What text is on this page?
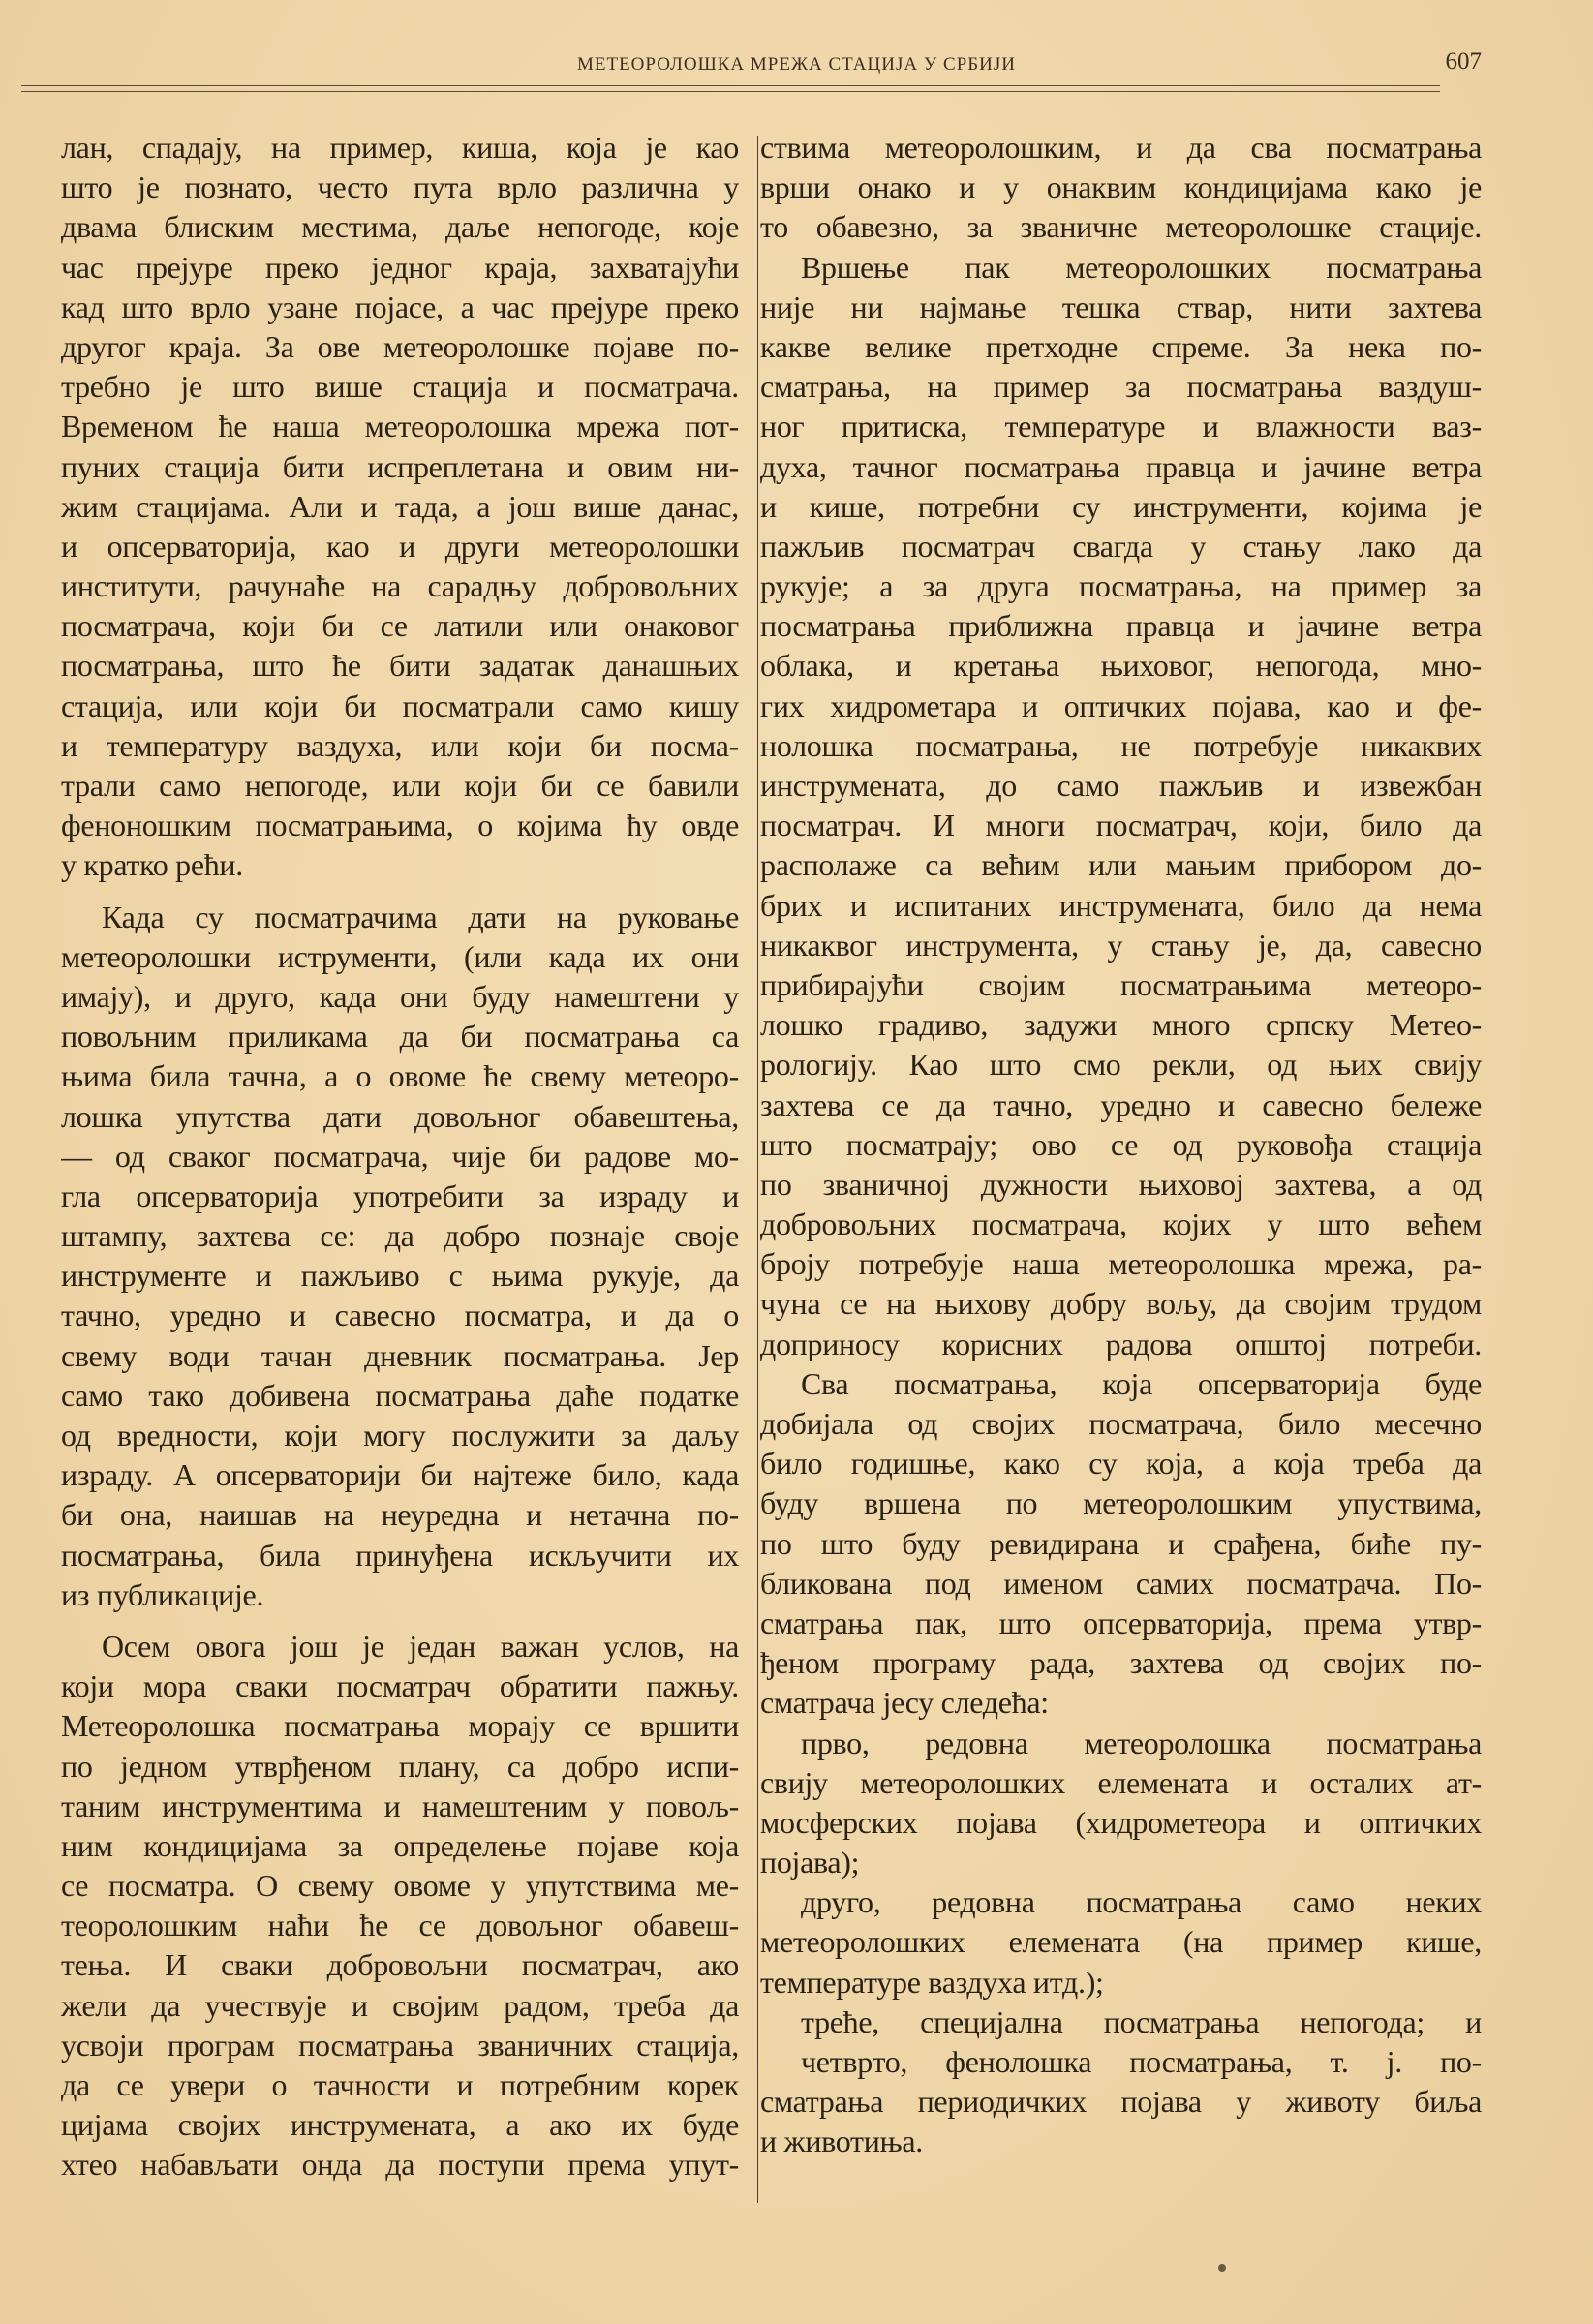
МЕТЕОРОЛОШКА МРЕЖА СТАЦИЈА У СРБИЈИ	607
лан, спадају, на пример, киша, која је као
што је познато, често пута врло различна у
двама блиским местима, даље непогоде, које
час прејуре преко једног краја, захватајући
кад што врло узане појасе, а час прејуре преко
другог краја. За ове метеоролошке појаве по-
требно је што више стација и посматрача.
Временом ће наша метеоролошка мрежа пот-
пуних стација бити испреплетана и овим ни-
жим стацијама. Али и тада, а још више данас,
и опсерваторија, као и други метеоролошки
институти, рачунаће на сарадњу добровољних
посматрача, који би се латили или онаковог
посматрања, што ће бити задатак данашњих
стација, или који би посматрали само кишу
и температуру ваздуха, или који би посма-
трали само непогоде, или који би се бавили
феноношким посматрањима, о којима ћу овде
у кратко рећи.
Када су посматрачима дати на руковање
метеоролошки иструменти, (или када их они
имају), и друго, када они буду намештени у
повољним приликама да би посматрања са
њима била тачна, а о овоме ће свему метеоро-
лошка упутства дати довољног обавештења,
— од сваког посматрача, чије би радове мо-
гла опсерваторија употребити за израду и
штампу, захтева се: да добро познаје своје
инструменте и пажљиво с њима рукује, да
тачно, уредно и савесно посматра, и да о
свему води тачан дневник посматрања. Јер
само тако добивена посматрања даће податке
од вредности, који могу послужити за даљу
израду. А опсерваторији би најтеже било, када
би она, наишав на неуредна и нетачна по-
посматрања, била принуђена искључити их
из публикације.
Осем овога још је један важан услов, на
који мора сваки посматрач обратити пажњу.
Метеоролошка посматрања морају се вршити
по једном утврђеном плану, са добро испи-
таним инструментима и намештеним у повољ-
ним кондицијама за определење појаве која
се посматра. О свему овоме у упутствима ме-
теоролошким наћи ће се довољног обавеш-
тења. И сваки добровољни посматрач, ако
жели да учествује и својим радом, треба да
усвоји програм посматрања званичних стација,
да се увери о тачности и потребним корек
цијама својих инструмената, а ако их буде
хтео набављати онда да поступи према упут-
ствима метеоролошким, и да сва посматрања
врши онако и у онаквим кондицијама како је
то обавезно, за званичне метеоролошке стације.
Вршење пак метеоролошких посматрања
није ни најмање тешка ствар, нити захтева
какве велике претходне спреме. За нека по-
сматрања, на пример за посматрања ваздуш-
ног притиска, температуре и влажности ваз-
духа, тачног посматрања правца и јачине ветра
и кише, потребни су инструменти, којима је
пажљив посматрач свагда у стању лако да
рукује; а за друга посматрања, на пример за
посматрања приближна правца и јачине ветра
облака, и кретања њиховог, непогода, мно-
гих хидрометара и оптичких појава, као и фе-
нолошка посматрања, не потребује никаквих
инструмената, до само пажљив и извежбан
посматрач. И многи посматрач, који, било да
располаже са већим или мањим прибором до-
брих и испитаних инструмената, било да нема
никаквог инструмента, у стању је, да, савесно
прибирајући својим посматрањима метеоро-
лошко градиво, задужи много српску Метео-
рологију. Као што смо рекли, од њих свију
захтева се да тачно, уредно и савесно бележе
што посматрају; ово се од руковођа стација
по званичној дужности њиховој захтева, а од
добровољних посматрача, којих у што већем
броју потребује наша метеоролошка мрежа, ра-
чуна се на њихову добру вољу, да својим трудом
доприносу корисних радова општој потреби.
Сва посматрања, која опсерваторија буде
добијала од својих посматрача, било месечно
било годишње, како су која, а која треба да
буду вршена по метеоролошким упуствима,
по што буду ревидирана и срађена, биће пу-
бликована под именом самих посматрача. По-
сматрања пак, што опсерваторија, према утвр-
ђеном програму рада, захтева од својих по-
сматрача јесу следећа:
прво, редовна метеоролошка посматрања
свију метеоролошких елемената и осталих ат-
мосферских појава (хидрометеора и оптичких
појава);
друго, редовна посматрања само неких
метеоролошких елемената (на пример кише,
температуре ваздуха итд.);
треће, специјална посматрања непогода; и
четврто, фенолошка посматрања, т. ј. по-
сматрања периодичких појава у животу биља
и животиња.
